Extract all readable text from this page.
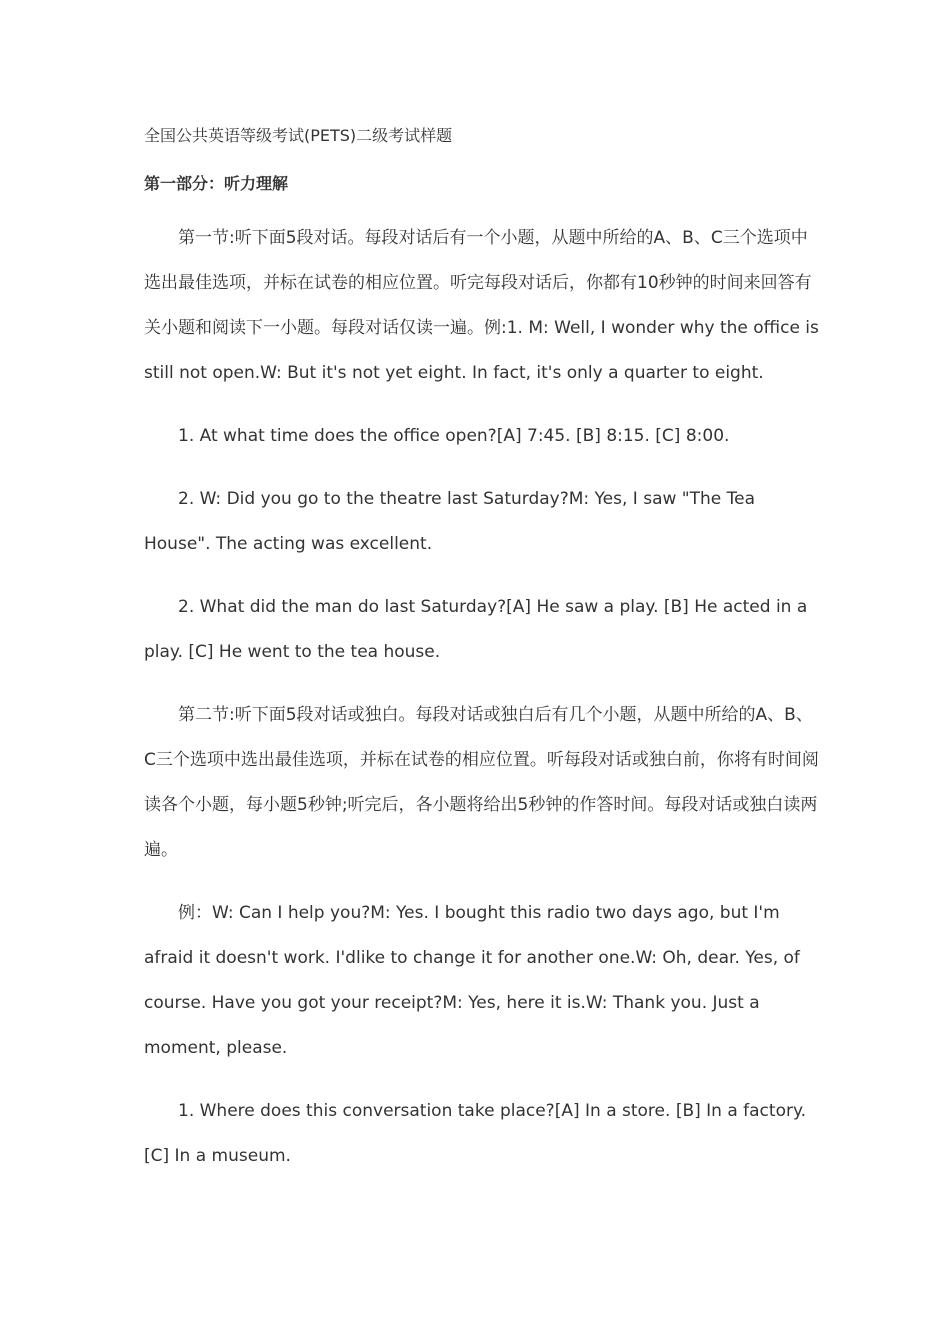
全国公共英语等级考试(PETS)二级考试样题
第一部分：听力理解

第一节:听下面5段对话。每段对话后有一个小题，从题中所给的A、B、C三个选项中选出最佳选项，并标在试卷的相应位置。听完每段对话后，你都有10秒钟的时间来回答有关小题和阅读下一小题。每段对话仅读一遍。例:1. M: Well, I wonder why the office is still not open.W: But it's not yet eight. In fact, it's only a quarter to eight.

1. At what time does the office open?[A] 7:45. [B] 8:15. [C] 8:00.

2. W: Did you go to the theatre last Saturday?M: Yes, I saw "The Tea House". The acting was excellent.

2. What did the man do last Saturday?[A] He saw a play. [B] He acted in a play. [C] He went to the tea house.

第二节:听下面5段对话或独白。每段对话或独白后有几个小题，从题中所给的A、B、C三个选项中选出最佳选项，并标在试卷的相应位置。听每段对话或独白前，你将有时间阅读各个小题，每小题5秒钟;听完后，各小题将给出5秒钟的作答时间。每段对话或独白读两遍。

例：W: Can I help you?M: Yes. I bought this radio two days ago, but I'm afraid it doesn't work. I'dlike to change it for another one.W: Oh, dear. Yes, of course. Have you got your receipt?M: Yes, here it is.W: Thank you. Just a moment, please.

1. Where does this conversation take place?[A] In a store. [B] In a factory. [C] In a museum.
